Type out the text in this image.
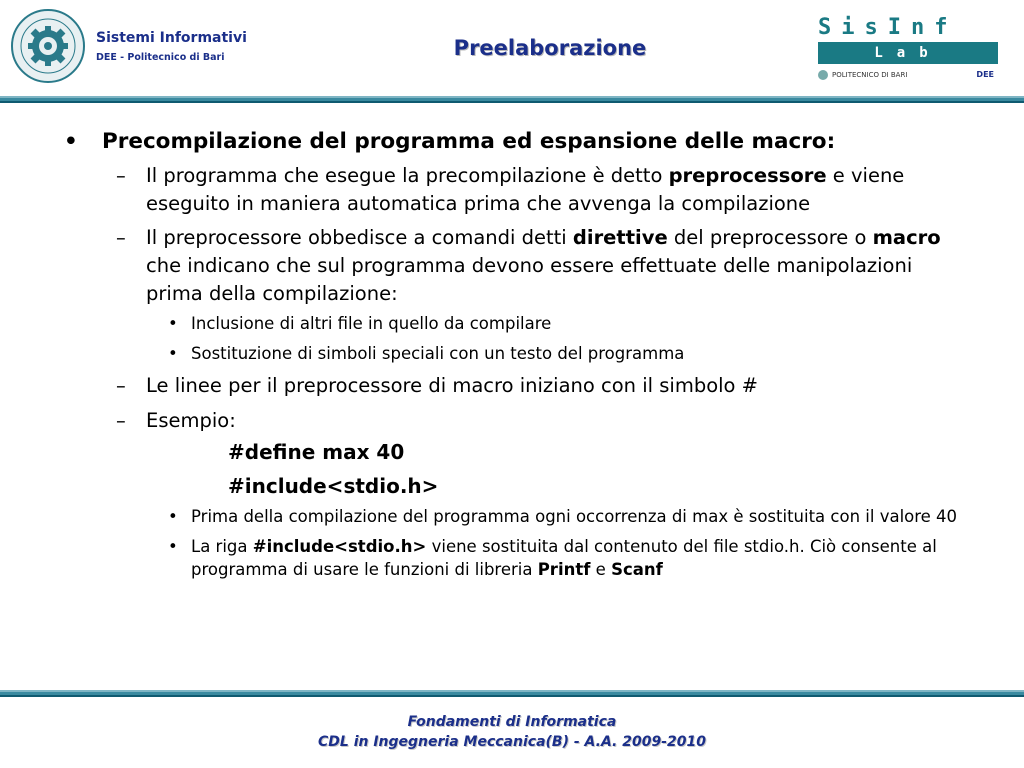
Sistemi Informativi
DEE - Politecnico di Bari	Preelaborazione
SisInf
Lab
POLITECNICO DI BARI	DEE
• Precompilazione del programma ed espansione delle macro:
– Il programma che esegue la precompilazione è detto preprocessore e viene eseguito in maniera automatica prima che avvenga la compilazione
– Il preprocessore obbedisce a comandi detti direttive del preprocessore o macro che indicano che sul programma devono essere effettuate delle manipolazioni prima della compilazione:
• Inclusione di altri file in quello da compilare
• Sostituzione di simboli speciali con un testo del programma
– Le linee per il preprocessore di macro iniziano con il simbolo #
– Esempio:
#define max 40
#include<stdio.h>
• Prima della compilazione del programma ogni occorrenza di max è sostituita con il valore 40
• La riga #include<stdio.h> viene sostituita dal contenuto del file stdio.h. Ciò consente al programma di usare le funzioni di libreria Printf e Scanf
Fondamenti di Informatica
CDL in Ingegneria Meccanica(B) - A.A. 2009-2010
